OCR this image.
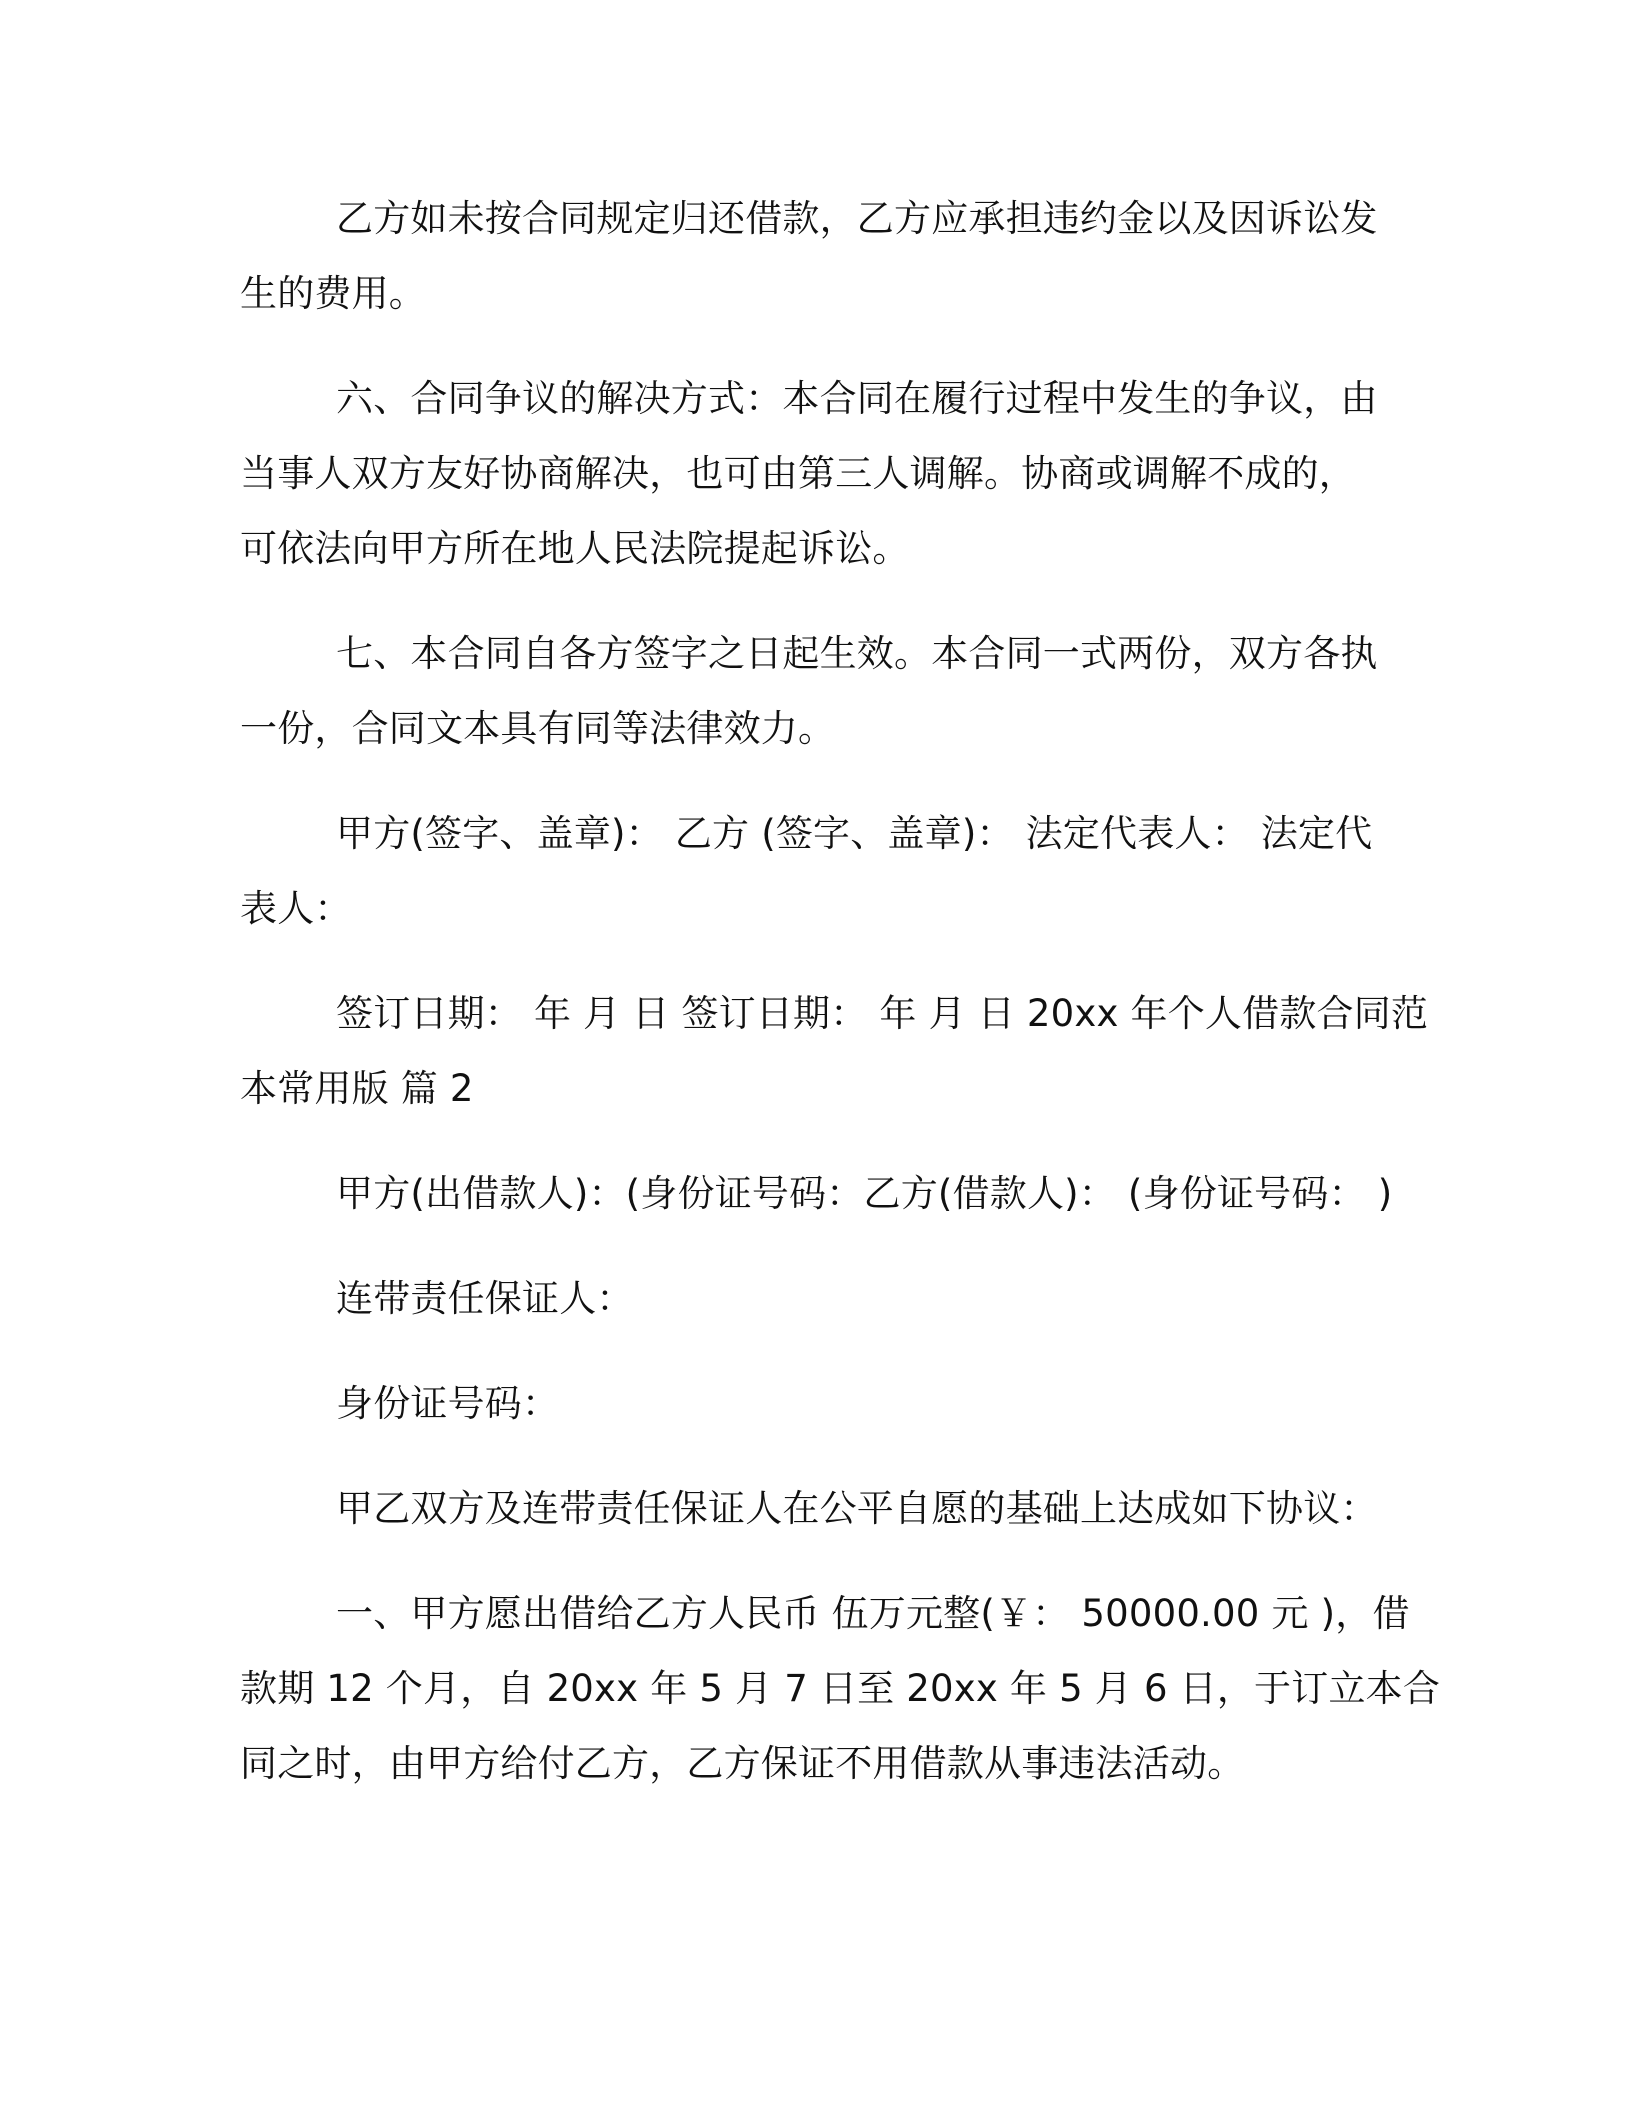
乙方如未按合同规定归还借款，乙方应承担违约金以及因诉讼发

生的费用。

六、合同争议的解决方式：本合同在履行过程中发生的争议，由

当事人双方友好协商解决，也可由第三人调解。协商或调解不成的，

可依法向甲方所在地人民法院提起诉讼。

七、本合同自各方签字之日起生效。本合同一式两份，双方各执

一份，合同文本具有同等法律效力。

甲方(签字、盖章)： 乙方 (签字、盖章)： 法定代表人： 法定代

表人：

签订日期： 年 月 日 签订日期： 年 月 日 20xx 年个人借款合同范

本常用版 篇 2

甲方(出借款人)：(身份证号码：乙方(借款人)： (身份证号码： )

连带责任保证人：

身份证号码：

甲乙双方及连带责任保证人在公平自愿的基础上达成如下协议：

一、甲方愿出借给乙方人民币 伍万元整(￥： 50000.00 元 )，借

款期 12 个月，自 20xx 年 5 月 7 日至 20xx 年 5 月 6 日，于订立本合

同之时，由甲方给付乙方，乙方保证不用借款从事违法活动。
